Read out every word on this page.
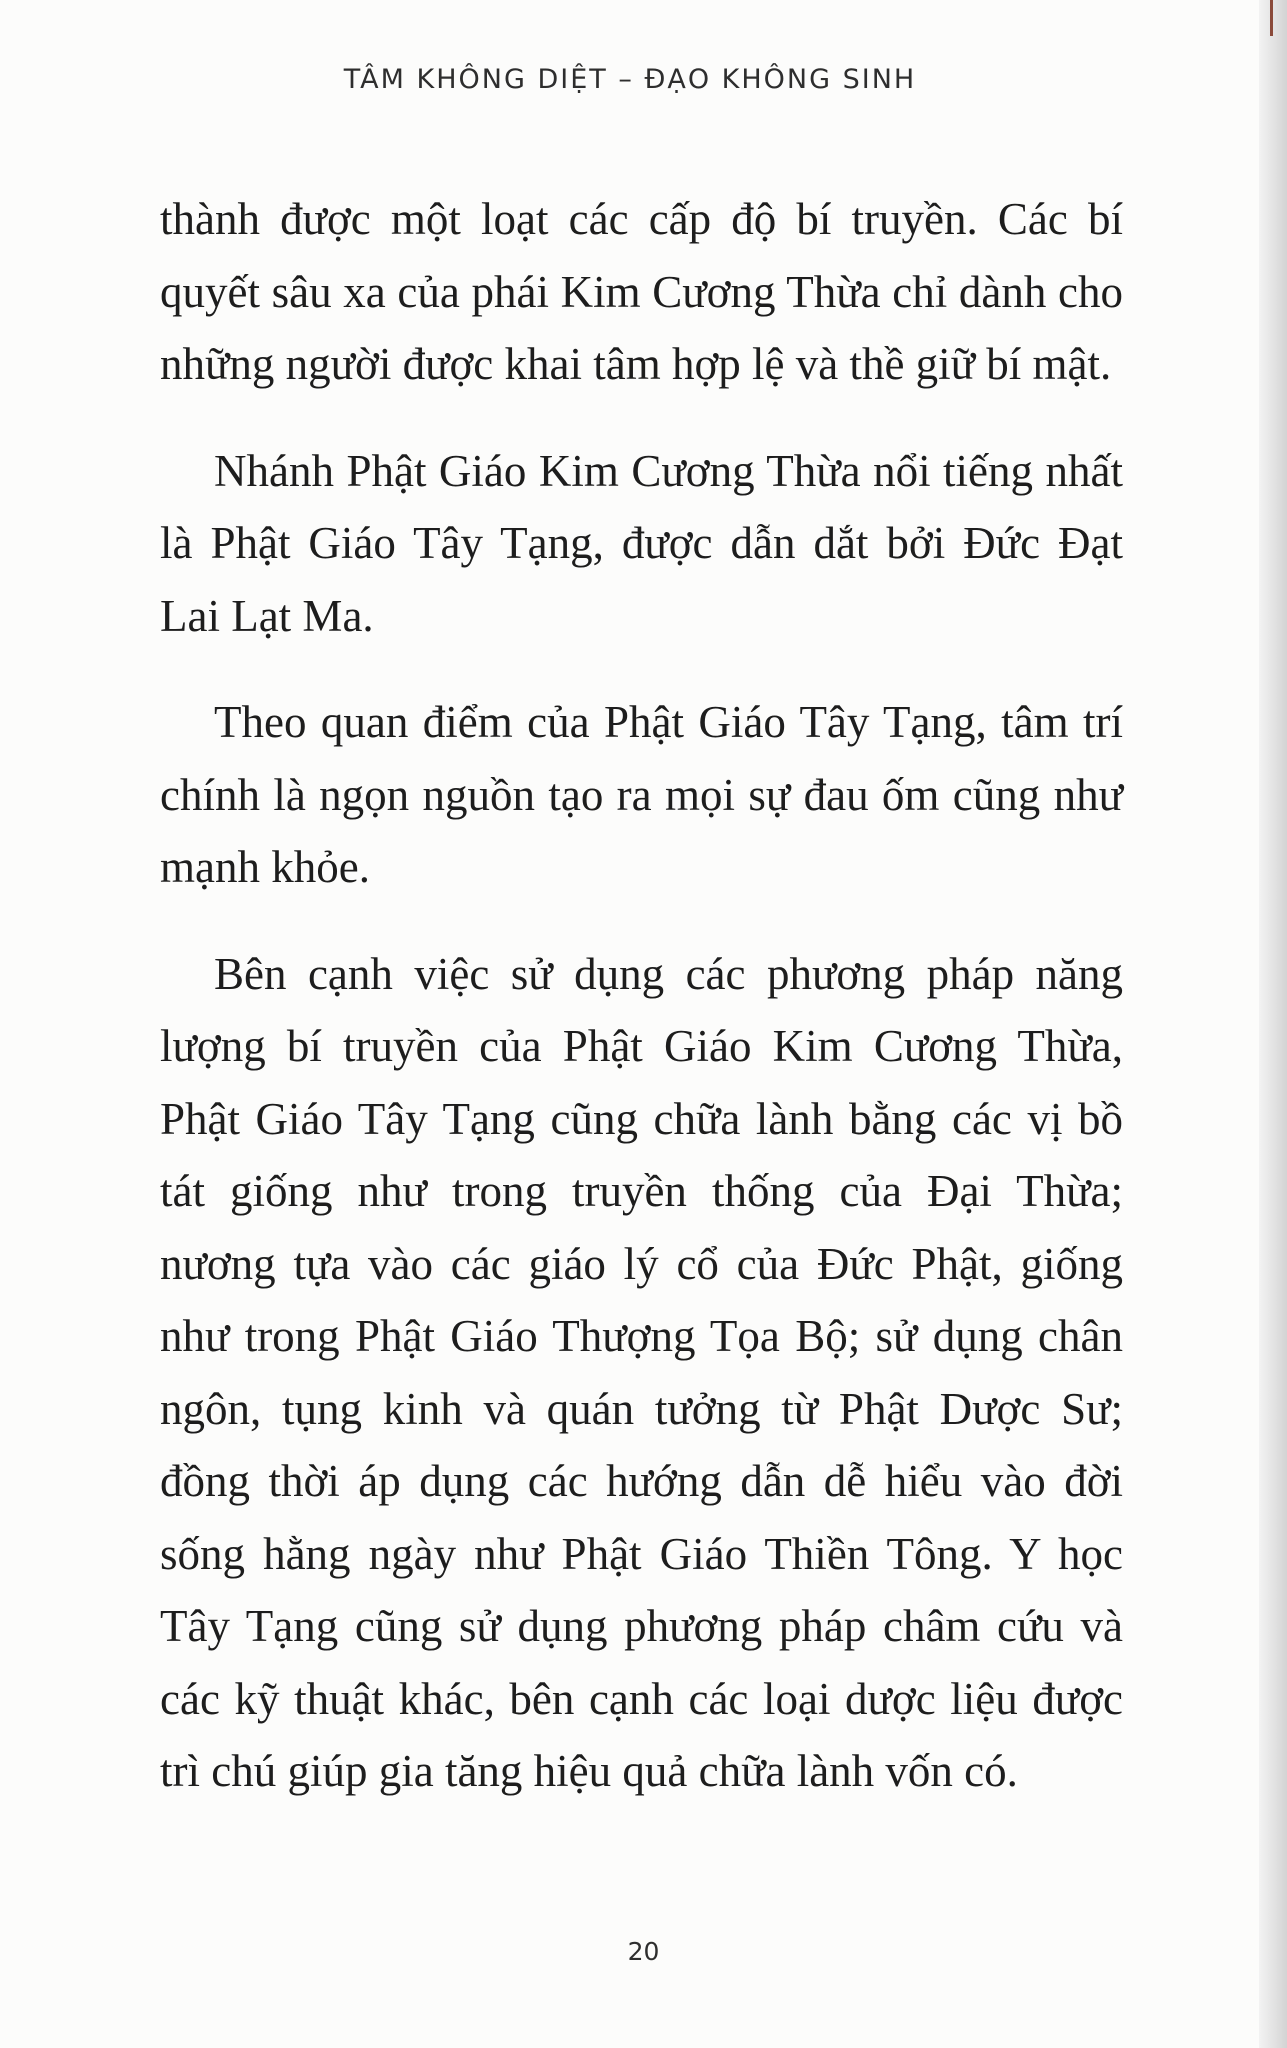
TÂM KHÔNG DIỆT – ĐẠO KHÔNG SINH

thành được một loạt các cấp độ bí truyền. Các bí quyết sâu xa của phái Kim Cương Thừa chỉ dành cho những người được khai tâm hợp lệ và thề giữ bí mật.

Nhánh Phật Giáo Kim Cương Thừa nổi tiếng nhất là Phật Giáo Tây Tạng, được dẫn dắt bởi Đức Đạt Lai Lạt Ma.

Theo quan điểm của Phật Giáo Tây Tạng, tâm trí chính là ngọn nguồn tạo ra mọi sự đau ốm cũng như mạnh khỏe.

Bên cạnh việc sử dụng các phương pháp năng lượng bí truyền của Phật Giáo Kim Cương Thừa, Phật Giáo Tây Tạng cũng chữa lành bằng các vị bồ tát giống như trong truyền thống của Đại Thừa; nương tựa vào các giáo lý cổ của Đức Phật, giống như trong Phật Giáo Thượng Tọa Bộ; sử dụng chân ngôn, tụng kinh và quán tưởng từ Phật Dược Sư; đồng thời áp dụng các hướng dẫn dễ hiểu vào đời sống hằng ngày như Phật Giáo Thiền Tông. Y học Tây Tạng cũng sử dụng phương pháp châm cứu và các kỹ thuật khác, bên cạnh các loại dược liệu được trì chú giúp gia tăng hiệu quả chữa lành vốn có.

20
